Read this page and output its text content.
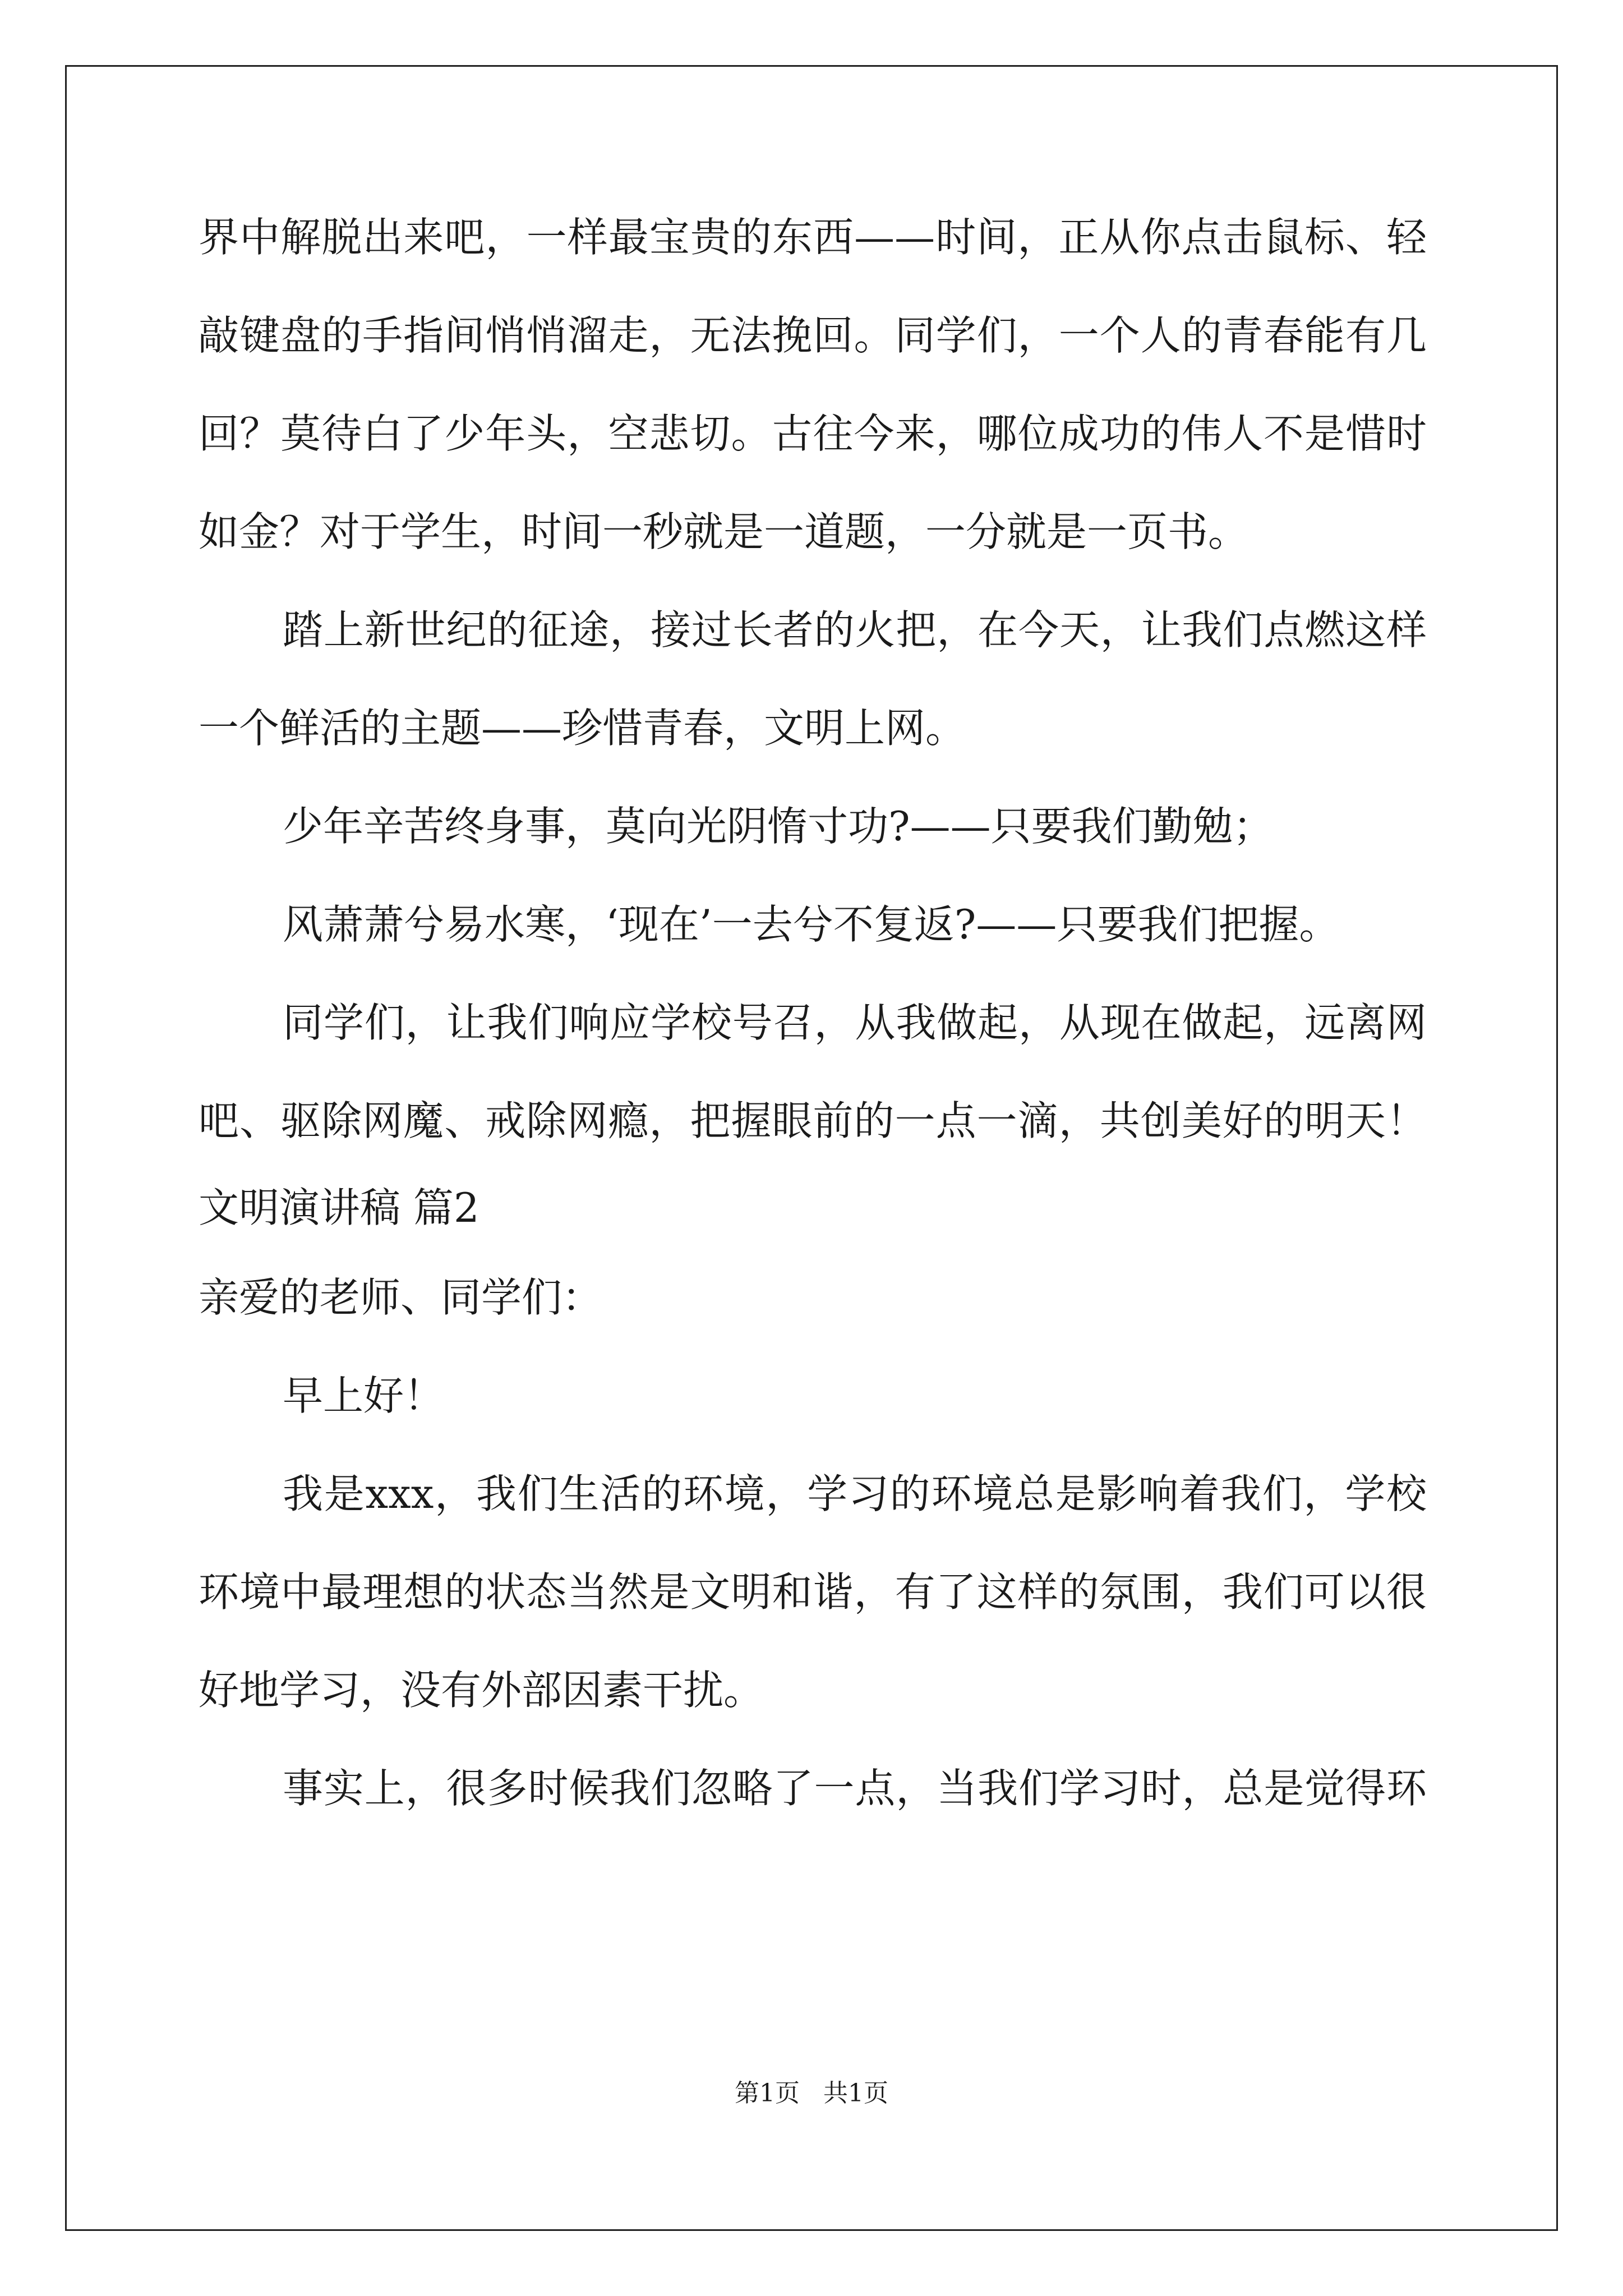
界中解脱出来吧，一样最宝贵的东西——时间，正从你点击鼠标、轻
敲键盘的手指间悄悄溜走，无法挽回。同学们，一个人的青春能有几
回？莫待白了少年头，空悲切。古往今来，哪位成功的伟人不是惜时
如金？对于学生，时间一秒就是一道题，一分就是一页书。
踏上新世纪的征途，接过长者的火把，在今天，让我们点燃这样
一个鲜活的主题——珍惜青春，文明上网。
少年辛苦终身事，莫向光阴惰寸功?——只要我们勤勉；
风萧萧兮易水寒，‘现在’一去兮不复返?——只要我们把握。
同学们，让我们响应学校号召，从我做起，从现在做起，远离网
吧、驱除网魔、戒除网瘾，把握眼前的一点一滴，共创美好的明天！
文明演讲稿 篇2
亲爱的老师、同学们：
早上好！
我是xxx，我们生活的环境，学习的环境总是影响着我们，学校
环境中最理想的状态当然是文明和谐，有了这样的氛围，我们可以很
好地学习，没有外部因素干扰。
事实上，很多时候我们忽略了一点，当我们学习时，总是觉得环
第1页   共1页
